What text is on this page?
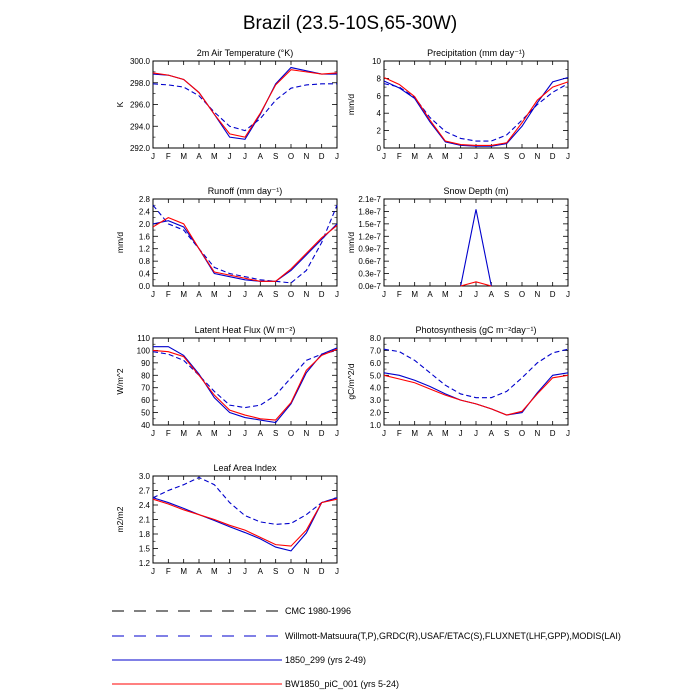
Brazil (23.5-10S,65-30W)
2m Air Temperature (°K)
J F M A M J J A S O N D J
292.0
294.0
296.0
298.0
300.0
K
Precipitation (mm day⁻¹)
J F M A M J J A S O N D J
0
2
4
6
8
10
mm/d
Runoff (mm day⁻¹)
J F M A M J J A S O N D J
0.0
0.4
0.8
1.2
1.6
2.0
2.4
2.8
mm/d
Snow Depth (m)
J F M A M J J A S O N D J
0.0e-7
0.3e-7
0.6e-7
0.9e-7
1.2e-7
1.5e-7
1.8e-7
2.1e-7
mm/d
Latent Heat Flux (W m⁻²)
J F M A M J J A S O N D J
40
50
60
70
80
90
100
110
W/m^2
Photosynthesis (gC m⁻²day⁻¹)
J F M A M J J A S O N D J
1.0
2.0
3.0
4.0
5.0
6.0
7.0
8.0
gC/m^2/d
Leaf Area Index
J F M A M J J A S O N D J
1.2
1.5
1.8
2.1
2.4
2.7
3.0
m2/m2
CMC 1980-1996
Willmott-Matsuura(T,P),GRDC(R),USAF/ETAC(S),FLUXNET(LHF,GPP),MODIS(LAI)
1850_299 (yrs 2-49)
BW1850_piC_001 (yrs 5-24)
